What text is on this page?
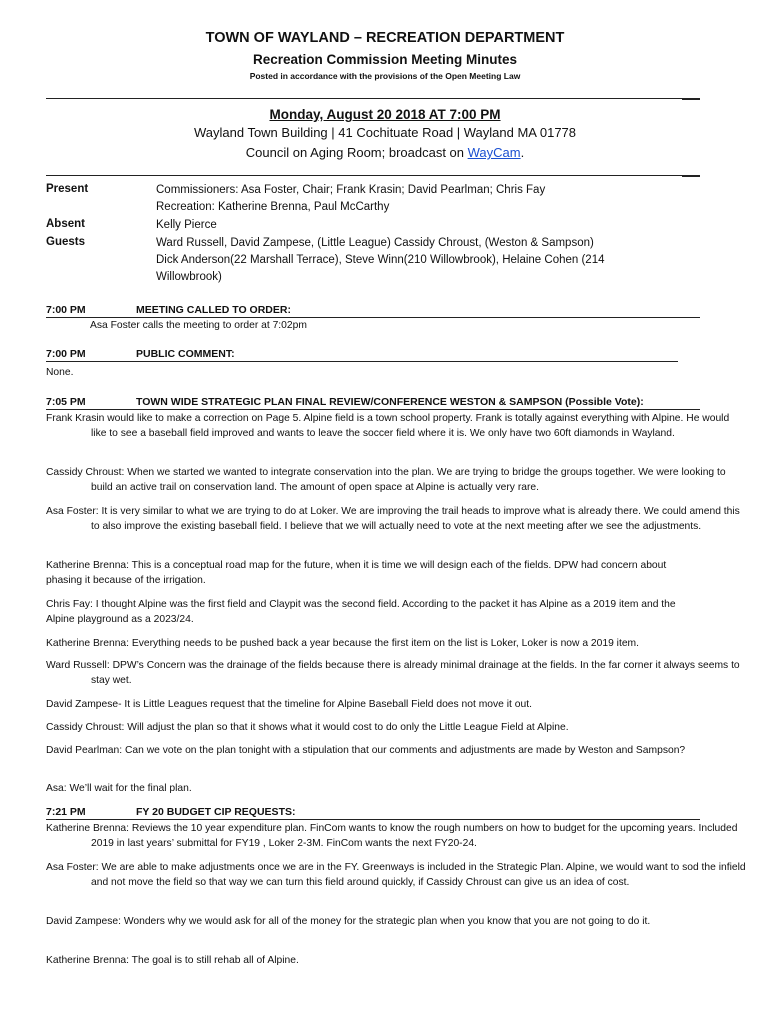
TOWN OF WAYLAND – RECREATION DEPARTMENT
Recreation Commission Meeting Minutes
Posted in accordance with the provisions of the Open Meeting Law
Monday, August 20 2018 AT 7:00 PM
Wayland Town Building | 41 Cochituate Road | Wayland MA 01778
Council on Aging Room; broadcast on WayCam.
Present	Commissioners: Asa Foster, Chair; Frank Krasin; David Pearlman; Chris Fay
Recreation: Katherine Brenna, Paul McCarthy
Absent	Kelly Pierce
Guests	Ward Russell, David Zampese, (Little League) Cassidy Chroust, (Weston & Sampson)
Dick Anderson(22 Marshall Terrace), Steve Winn(210 Willowbrook), Helaine Cohen (214
Willowbrook)
7:00 PM	MEETING CALLED TO ORDER:
Asa Foster calls the meeting to order at 7:02pm
7:00 PM	PUBLIC COMMENT:
None.
7:05 PM	TOWN WIDE STRATEGIC PLAN FINAL REVIEW/CONFERENCE WESTON & SAMPSON (Possible Vote):
Frank Krasin would like to make a correction on Page 5. Alpine field is a town school property. Frank is totally against everything with Alpine. He would like to see a baseball field improved and wants to leave the soccer field where it is. We only have two 60ft diamonds in Wayland.
Cassidy Chroust: When we started we wanted to integrate conservation into the plan. We are trying to bridge the groups together. We were looking to build an active trail on conservation land. The amount of open space at Alpine is actually very rare.
Asa Foster: It is very similar to what we are trying to do at Loker. We are improving the trail heads to improve what is already there. We could amend this to also improve the existing baseball field. I believe that we will actually need to vote at the next meeting after we see the adjustments.
Katherine Brenna: This is a conceptual road map for the future, when it is time we will design each of the fields. DPW had concern about phasing it because of the irrigation.
Chris Fay: I thought Alpine was the first field and Claypit was the second field. According to the packet it has Alpine as a 2019 item and the Alpine playground as a 2023/24.
Katherine Brenna: Everything needs to be pushed back a year because the first item on the list is Loker, Loker is now a 2019 item.
Ward Russell: DPW’s Concern was the drainage of the fields because there is already minimal drainage at the fields. In the far corner it always seems to stay wet.
David Zampese- It is Little Leagues request that the timeline for Alpine Baseball Field does not move it out.
Cassidy Chroust: Will adjust the plan so that it shows what it would cost to do only the Little League Field at Alpine.
David Pearlman: Can we vote on the plan tonight with a stipulation that our comments and adjustments are made by Weston and Sampson?
Asa: We’ll wait for the final plan.
7:21 PM	FY 20 BUDGET CIP REQUESTS:
Katherine Brenna: Reviews the 10 year expenditure plan. FinCom wants to know the rough numbers on how to budget for the upcoming years. Included 2019 in last years’ submittal for FY19 , Loker 2-3M. FinCom wants the next FY20-24.
Asa Foster: We are able to make adjustments once we are in the FY. Greenways is included in the Strategic Plan. Alpine, we would want to sod the infield and not move the field so that way we can turn this field around quickly, if Cassidy Chroust can give us an idea of cost.
David Zampese: Wonders why we would ask for all of the money for the strategic plan when you know that you are not going to do it.
Katherine Brenna: The goal is to still rehab all of Alpine.
